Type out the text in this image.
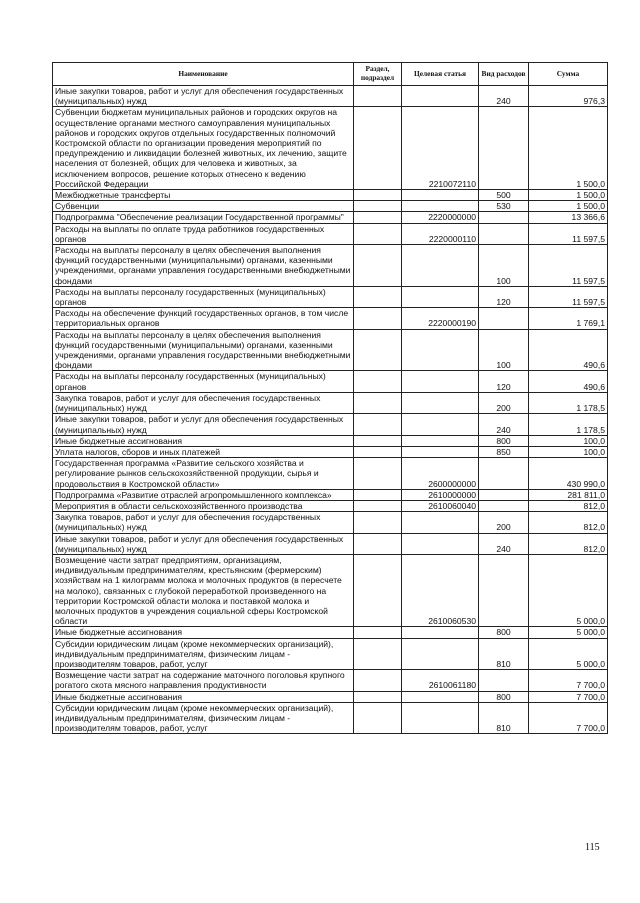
Наименование	Раздел, подраздел	Целевая статья	Вид расходов	Сумма
Иные закупки товаров, работ и услуг для обеспечения государственных (муниципальных) нужд			240	976,3
Субвенции бюджетам муниципальных районов и городских округов на осуществление органами местного самоуправления муниципальных районов и городских округов отдельных государственных полномочий Костромской области по организации проведения мероприятий по предупреждению и ликвидации болезней животных, их лечению, защите населения от болезней, общих для человека и животных, за исключением вопросов, решение которых отнесено к ведению Российской Федерации		2210072110		1 500,0
Межбюджетные трансферты			500	1 500,0
Субвенции			530	1 500,0
Подпрограмма "Обеспечение реализации Государственной программы"		2220000000		13 366,6
Расходы на выплаты по оплате труда работников государственных органов		2220000110		11 597,5
Расходы на выплаты персоналу в целях обеспечения выполнения функций государственными (муниципальными) органами, казенными учреждениями, органами управления государственными внебюджетными фондами			100	11 597,5
Расходы на выплаты персоналу государственных (муниципальных) органов			120	11 597,5
Расходы на обеспечение функций государственных органов, в том числе территориальных органов		2220000190		1 769,1
Расходы на выплаты персоналу в целях обеспечения выполнения функций государственными (муниципальными) органами, казенными учреждениями, органами управления государственными внебюджетными фондами			100	490,6
Расходы на выплаты персоналу государственных (муниципальных) органов			120	490,6
Закупка товаров, работ и услуг для обеспечения государственных (муниципальных) нужд			200	1 178,5
Иные закупки товаров, работ и услуг для обеспечения государственных (муниципальных) нужд			240	1 178,5
Иные бюджетные ассигнования			800	100,0
Уплата налогов, сборов и иных платежей			850	100,0
Государственная программа «Развитие сельского хозяйства и регулирование рынков сельскохозяйственной продукции, сырья и продовольствия в Костромской области»		2600000000		430 990,0
Подпрограмма «Развитие отраслей агропромышленного комплекса»		2610000000		281 811,0
Мероприятия в области сельскохозяйственного производства		2610060040		812,0
Закупка товаров, работ и услуг для обеспечения государственных (муниципальных) нужд			200	812,0
Иные закупки товаров, работ и услуг для обеспечения государственных (муниципальных) нужд			240	812,0
Возмещение части затрат предприятиям, организациям, индивидуальным предпринимателям, крестьянским (фермерским) хозяйствам на 1 килограмм молока и молочных продуктов (в пересчете на молоко), связанных с глубокой переработкой произведенного на территории Костромской области молока и поставкой молока и молочных продуктов в учреждения социальной сферы Костромской области		2610060530		5 000,0
Иные бюджетные ассигнования			800	5 000,0
Субсидии юридическим лицам (кроме некоммерческих организаций), индивидуальным предпринимателям, физическим лицам - производителям товаров, работ, услуг			810	5 000,0
Возмещение части затрат на содержание маточного поголовья крупного рогатого скота мясного направления продуктивности		2610061180		7 700,0
Иные бюджетные ассигнования			800	7 700,0
Субсидии юридическим лицам (кроме некоммерческих организаций), индивидуальным предпринимателям, физическим лицам - производителям товаров, работ, услуг			810	7 700,0
115
